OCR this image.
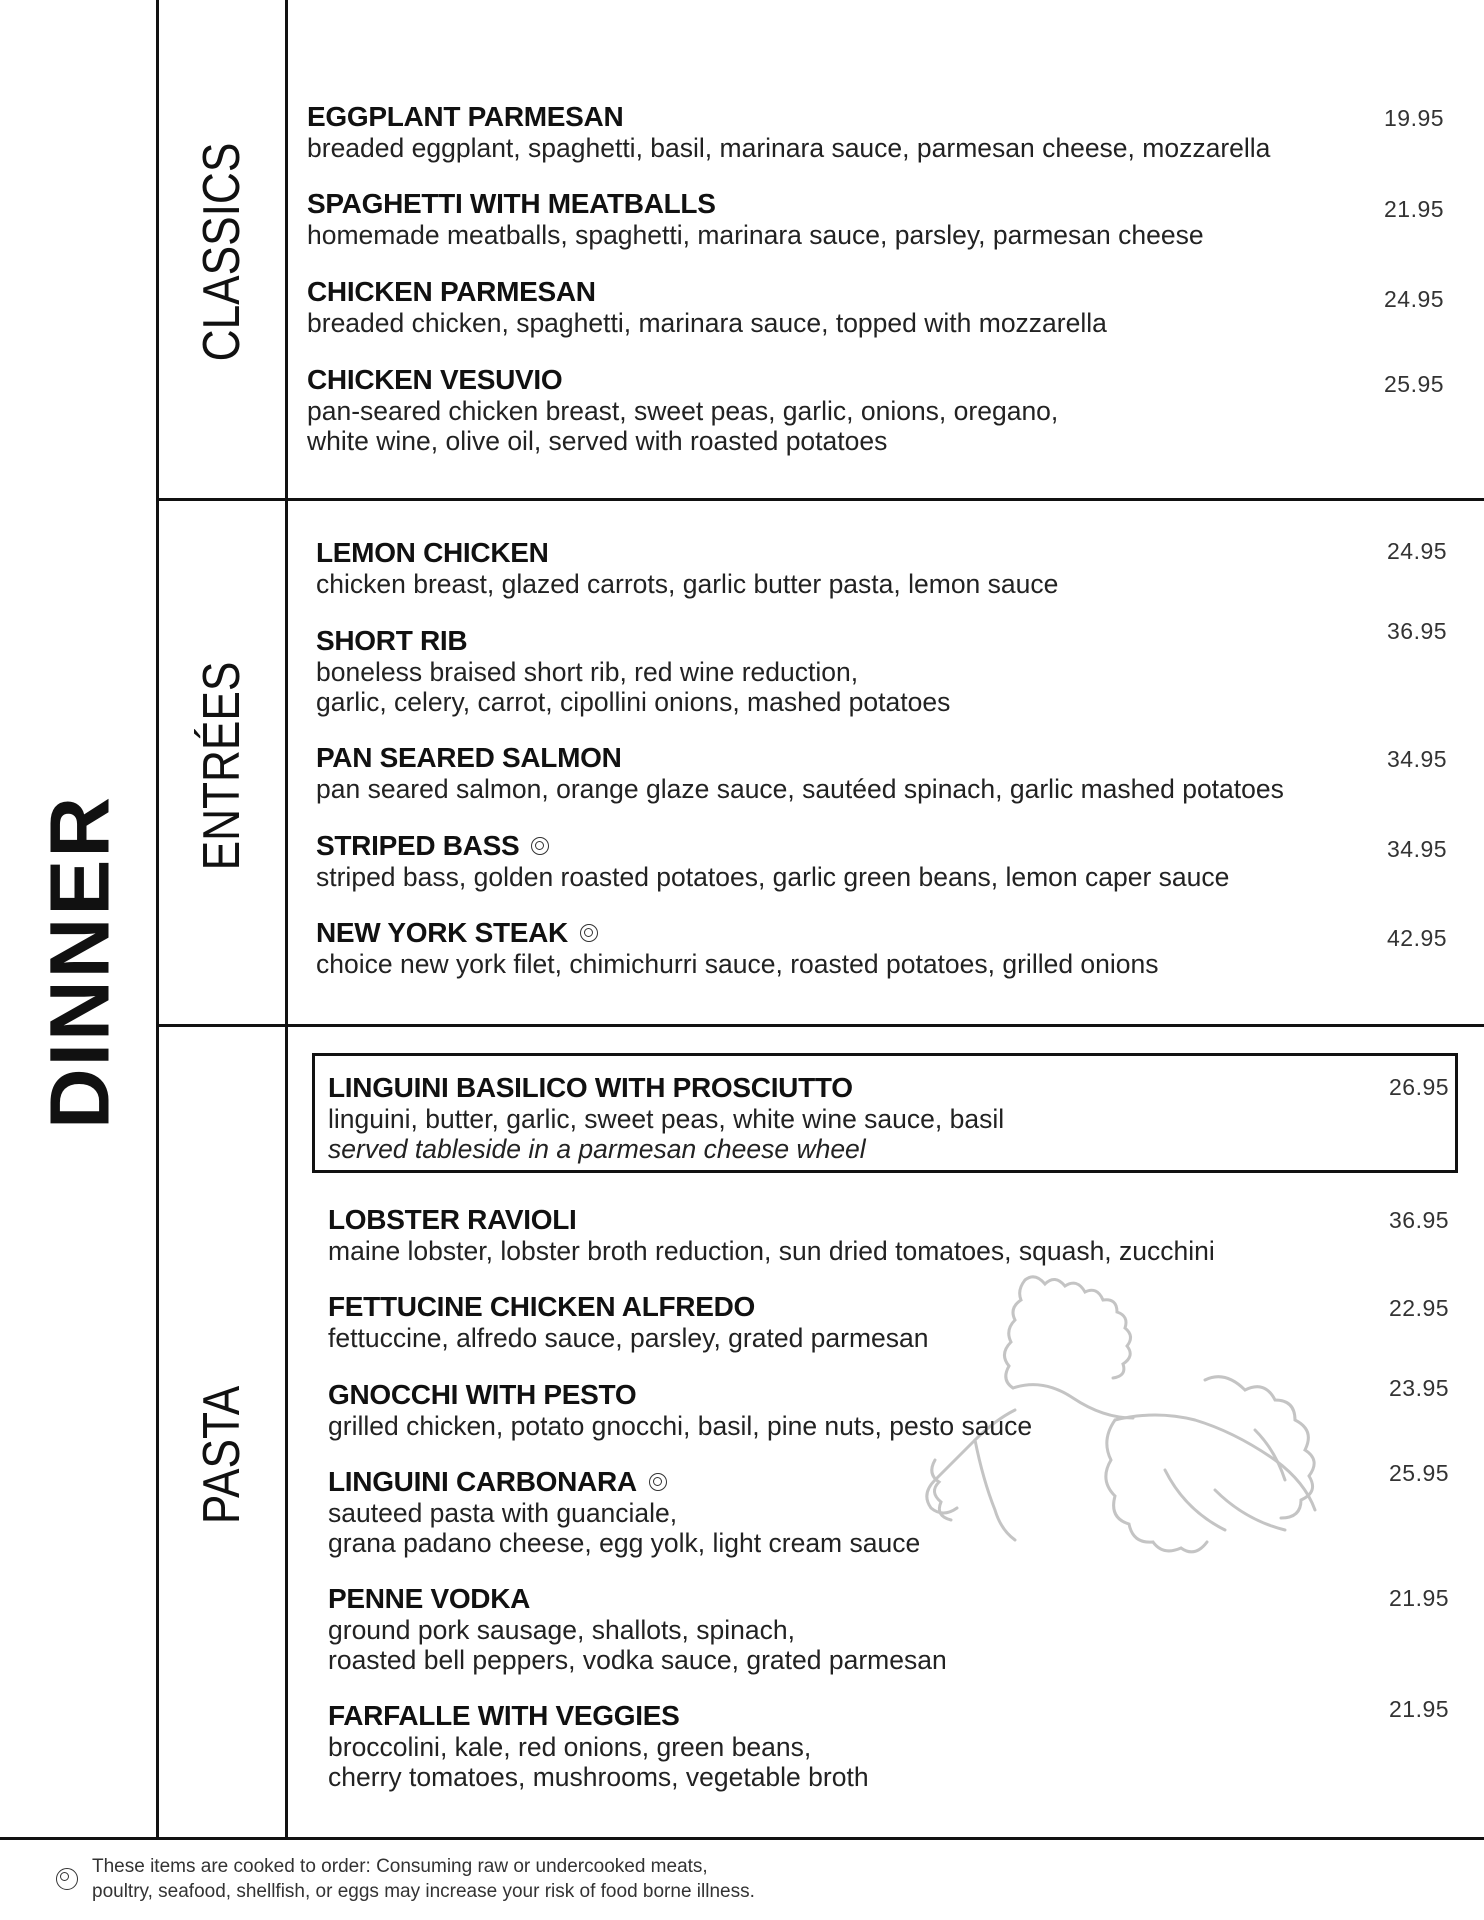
DINNER
CLASSICS
ENTRÉES
PASTA
EGGPLANT PARMESAN
breaded eggplant, spaghetti, basil, marinara sauce, parmesan cheese, mozzarella
19.95
SPAGHETTI WITH MEATBALLS
homemade meatballs, spaghetti, marinara sauce, parsley, parmesan cheese
21.95
CHICKEN PARMESAN
breaded chicken, spaghetti, marinara sauce, topped with mozzarella
24.95
CHICKEN VESUVIO
pan-seared chicken breast, sweet peas, garlic, onions, oregano,
white wine, olive oil, served with roasted potatoes
25.95
LEMON CHICKEN
chicken breast, glazed carrots, garlic butter pasta, lemon sauce
24.95
SHORT RIB
boneless braised short rib, red wine reduction,
garlic, celery, carrot, cipollini onions, mashed potatoes
36.95
PAN SEARED SALMON
pan seared salmon, orange glaze sauce, sautéed spinach, garlic mashed potatoes
34.95
STRIPED BASS
striped bass, golden roasted potatoes, garlic green beans, lemon caper sauce
34.95
NEW YORK STEAK
choice new york filet, chimichurri sauce, roasted potatoes, grilled onions
42.95
LINGUINI BASILICO WITH PROSCIUTTO
linguini, butter, garlic, sweet peas, white wine sauce, basil
served tableside in a parmesan cheese wheel
26.95
LOBSTER RAVIOLI
maine lobster, lobster broth reduction, sun dried tomatoes, squash, zucchini
36.95
FETTUCINE CHICKEN ALFREDO
fettuccine, alfredo sauce, parsley, grated parmesan
22.95
GNOCCHI WITH PESTO
grilled chicken, potato gnocchi, basil, pine nuts, pesto sauce
23.95
LINGUINI CARBONARA
sauteed pasta with guanciale,
grana padano cheese, egg yolk, light cream sauce
25.95
PENNE VODKA
ground pork sausage, shallots, spinach,
roasted bell peppers, vodka sauce, grated parmesan
21.95
FARFALLE WITH VEGGIES
broccolini, kale, red onions, green beans,
cherry tomatoes, mushrooms, vegetable broth
21.95
These items are cooked to order: Consuming raw or undercooked meats,
poultry, seafood, shellfish, or eggs may increase your risk of food borne illness.
